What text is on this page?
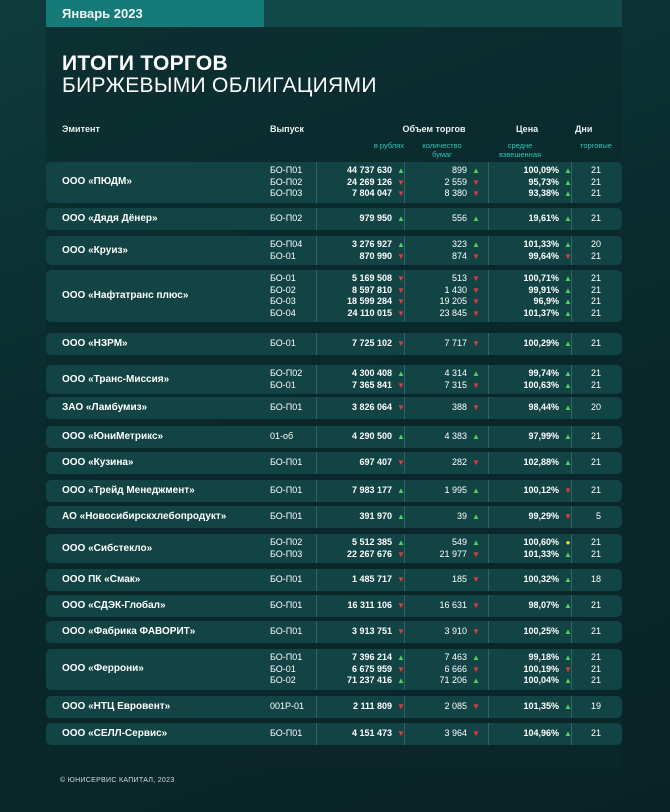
Январь 2023
ИТОГИ ТОРГОВ
БИРЖЕВЫМИ ОБЛИГАЦИЯМИ
Эмитент	Выпуск	Объем торгов	Цена	Дни
в рублях	количество бумаг
средне взвешенная
торговые
ООО «ПЮДМ»
БО-П01	44 737 630 ▲	899 ▲	100,09% ▲	21
БО-П02	24 269 126 ▼	2 559 ▼	95,73% ▲	21
БО-П03	7 804 047 ▼	8 380 ▼	93,38% ▲	21
ООО «Дядя Дёнер»	БО-П02	979 950 ▲	556 ▲	19,61% ▲	21
ООО «Круиз»
БО-П04	3 276 927 ▲	323 ▲	101,33% ▲	20
БО-01	870 990 ▼	874 ▼	99,64% ▼	21
ООО «Нафтатранс плюс»
БО-01	5 169 508 ▼	513 ▼	100,71% ▲	21
БО-02	8 597 810 ▼	1 430 ▼	99,91% ▲	21
БО-03	18 599 284 ▼	19 205 ▼	96,9% ▲	21
БО-04	24 110 015 ▼	23 845 ▼	101,37% ▲	21
ООО «НЗРМ»	БО-01	7 725 102 ▼	7 717 ▼	100,29% ▲	21
ООО «Транс-Миссия»
БО-П02	4 300 408 ▲	4 314 ▲	99,74% ▲	21
БО-01	7 365 841 ▼	7 315 ▼	100,63% ▲	21
ЗАО «Ламбумиз»	БО-П01	3 826 064 ▼	388 ▼	98,44% ▲	20
ООО «ЮниМетрикс»	01-об	4 290 500 ▲	4 383 ▲	97,99% ▲	21
ООО «Кузина»	БО-П01	697 407 ▼	282 ▼	102,88% ▲	21
ООО «Трейд Менеджмент»	БО-П01	7 983 177 ▲	1 995 ▲	100,12% ▼	21
АО «Новосибирскхлебопродукт»	БО-П01	391 970 ▲	39 ▲	99,29% ▼	5
ООО «Сибстекло»
БО-П02	5 512 385 ▲	549 ▲	100,60% ●	21
БО-П03	22 267 676 ▼	21 977 ▼	101,33% ▲	21
ООО ПК «Смак»	БО-П01	1 485 717 ▼	185 ▼	100,32% ▲	18
ООО «СДЭК-Глобал»	БО-П01	16 311 106 ▼	16 631 ▼	98,07% ▲	21
ООО «Фабрика ФАВОРИТ»	БО-П01	3 913 751 ▼	3 910 ▼	100,25% ▲	21
ООО «Феррони»
БО-П01	7 396 214 ▲	7 463 ▲	99,18% ▲	21
БО-01	6 675 959 ▼	6 666 ▼	100,19% ▼	21
БО-02	71 237 416 ▲	71 206 ▲	100,04% ▲	21
ООО «НТЦ Евровент»	001Р-01	2 111 809 ▼	2 085 ▼	101,35% ▲	19
ООО «СЕЛЛ-Сервис»	БО-П01	4 151 473 ▼	3 964 ▼	104,96% ▲	21
© ЮНИСЕРВИС КАПИТАЛ, 2023
